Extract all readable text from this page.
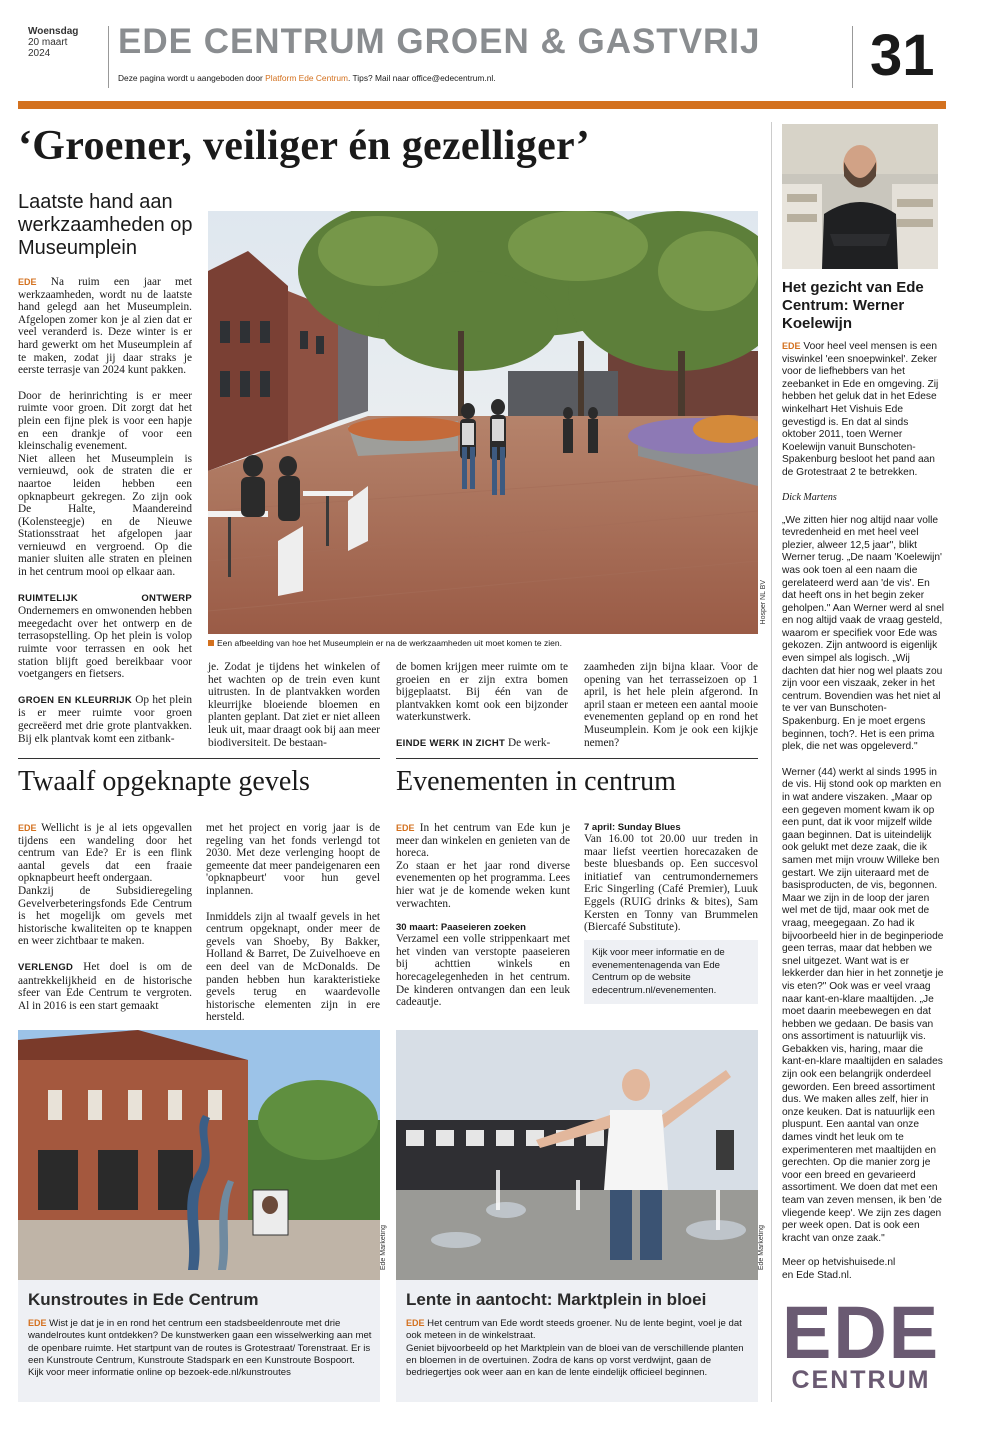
Woensdag
20 maart
2024	EDE CENTRUM GROEN & GASTVRIJ
Deze pagina wordt u aangeboden door Platform Ede Centrum. Tips? Mail naar office@edecentrum.nl.	31
‘Groener, veiliger én gezelliger’
Laatste hand aan werkzaamheden op Museumplein

EDE Na ruim een jaar met werkzaamheden, wordt nu de laatste hand gelegd aan het Museumplein. Afgelopen zomer kon je al zien dat er veel veranderd is. Deze winter is er hard gewerkt om het Museumplein af te maken, zodat jij daar straks je eerste terrasje van 2024 kunt pakken.

Door de herinrichting is er meer ruimte voor groen. Dit zorgt dat het plein een fijne plek is voor een hapje en een drankje of voor een kleinschalig evenement.

Niet alleen het Museumplein is vernieuwd, ook de straten die er naartoe leiden hebben een opknapbeurt gekregen. Zo zijn ook De Halte, Maandereind (Kolensteegje) en de Nieuwe Stationsstraat het afgelopen jaar vernieuwd en vergroend. Op die manier sluiten alle straten en pleinen in het centrum mooi op elkaar aan.

RUIMTELIJK ONTWERP Ondernemers en omwonenden hebben meegedacht over het ontwerp en de terrasopstelling. Op het plein is volop ruimte voor terrassen en ook het station blijft goed bereikbaar voor voetgangers en fietsers.

GROEN EN KLEURRIJK Op het plein is er meer ruimte voor groen gecreëerd met drie grote plantvakken. Bij elk plantvak komt een zitbank-

Hosper NL BV
Een afbeelding van hoe het Museumplein er na de werkzaamheden uit moet komen te zien.

je. Zodat je tijdens het winkelen of het wachten op de trein even kunt uitrusten. In de plantvakken worden kleurrijke bloeiende bloemen en planten geplant. Dat ziet er niet alleen leuk uit, maar draagt ook bij aan meer biodiversiteit. De bestaan-

de bomen krijgen meer ruimte om te groeien en er zijn extra bomen bijgeplaatst. Bij één van de plantvakken komt ook een bijzonder waterkunstwerk.

EINDE WERK IN ZICHT De werk-

zaamheden zijn bijna klaar. Voor de opening van het terrasseizoen op 1 april, is het hele plein afgerond. In april staan er meteen een aantal mooie evenementen gepland op en rond het Museumplein. Kom je ook een kijkje nemen?

Twaalf opgeknapte gevels

EDE Wellicht is je al iets opgevallen tijdens een wandeling door het centrum van Ede? Er is een flink aantal gevels dat een fraaie opknapbeurt heeft ondergaan.

Dankzij de Subsidieregeling Gevelverbeteringsfonds Ede Centrum is het mogelijk om gevels met historische kwaliteiten op te knappen en weer zichtbaar te maken.

VERLENGD Het doel is om de aantrekkelijkheid en de historische sfeer van Ede Centrum te vergroten. Al in 2016 is een start gemaakt

met het project en vorig jaar is de regeling van het fonds verlengd tot 2030. Met deze verlenging hoopt de gemeente dat meer pandeigenaren een 'opknapbeurt' voor hun gevel inplannen.

Inmiddels zijn al twaalf gevels in het centrum opgeknapt, onder meer de gevels van Shoeby, By Bakker, Holland & Barret, De Zuivelhoeve en een deel van de McDonalds. De panden hebben hun karakteristieke gevels terug en waardevolle historische elementen zijn in ere hersteld.

Evenementen in centrum

EDE In het centrum van Ede kun je meer dan winkelen en genieten van de horeca.

Zo staan er het jaar rond diverse evenementen op het programma. Lees hier wat je de komende weken kunt verwachten.

30 maart: Paaseieren zoeken

Verzamel een volle strippenkaart met het vinden van verstopte paaseieren bij achttien winkels en horecagelegenheden in het centrum. De kinderen ontvangen dan een leuk cadeautje.

7 april: Sunday Blues

Van 16.00 tot 20.00 uur treden in maar liefst veertien horecazaken de beste bluesbands op. Een succesvol initiatief van centrumondernemers Eric Singerling (Café Premier), Luuk Eggels (RUIG drinks & bites), Sam Kersten en Tonny van Brummelen (Biercafé Substitute).

Kijk voor meer informatie en de evenementenagenda van Ede Centrum op de website edecentrum.nl/evenementen.

Ede Marketing
Kunstroutes in Ede Centrum

EDE Wist je dat je in en rond het centrum een stadsbeeldenroute met drie wandelroutes kunt ontdekken? De kunstwerken gaan een wisselwerking aan met de openbare ruimte. Het startpunt van de routes is Grotestraat/ Torenstraat. Er is een Kunstroute Centrum, Kunstroute Stadspark en een Kunstroute Bospoort.

Kijk voor meer informatie online op bezoek-ede.nl/kunstroutes

Ede Marketing
Lente in aantocht: Marktplein in bloei

EDE Het centrum van Ede wordt steeds groener. Nu de lente begint, voel je dat ook meteen in de winkelstraat.

Geniet bijvoorbeeld op het Marktplein van de bloei van de verschillende planten en bloemen in de overtuinen. Zodra de kans op vorst verdwijnt, gaan de bedriegertjes ook weer aan en kan de lente eindelijk officieel beginnen.

Het gezicht van Ede Centrum: Werner Koelewijn

EDE Voor heel veel mensen is een viswinkel 'een snoepwinkel'. Zeker voor de liefhebbers van het zeebanket in Ede en omgeving. Zij hebben het geluk dat in het Edese winkelhart Het Vishuis Ede gevestigd is. En dat al sinds oktober 2011, toen Werner Koelewijn vanuit Bunschoten-Spakenburg besloot het pand aan de Grotestraat 2 te betrekken.

Dick Martens

„We zitten hier nog altijd naar volle tevredenheid en met heel veel plezier, alweer 12,5 jaar", blikt Werner terug. „De naam 'Koelewijn' was ook toen al een naam die gerelateerd werd aan 'de vis'. En dat heeft ons in het begin zeker geholpen." Aan Werner werd al snel en nog altijd vaak de vraag gesteld, waarom er specifiek voor Ede was gekozen. Zijn antwoord is eigenlijk even simpel als logisch. „Wij dachten dat hier nog wel plaats zou zijn voor een viszaak, zeker in het centrum. Bovendien was het niet al te ver van Bunschoten-Spakenburg. En je moet ergens beginnen, toch?. Het is een prima plek, die net was opgeleverd."

Werner (44) werkt al sinds 1995 in de vis. Hij stond ook op markten en in wat andere viszaken. „Maar op een gegeven moment kwam ik op een punt, dat ik voor mijzelf wilde gaan beginnen. Dat is uiteindelijk ook gelukt met deze zaak, die ik samen met mijn vrouw Willeke ben gestart. We zijn uiteraard met de basisproducten, de vis, begonnen. Maar we zijn in de loop der jaren wel met de tijd, maar ook met de vraag, meegegaan. Zo had ik bijvoorbeeld hier in de beginperiode geen terras, maar dat hebben we snel uitgezet. Want wat is er lekkerder dan hier in het zonnetje je vis eten?" Ook was er veel vraag naar kant-en-klare maaltijden. „Je moet daarin meebewegen en dat hebben we gedaan. De basis van ons assortiment is natuurlijk vis. Gebakken vis, haring, maar die kant-en-klare maaltijden en salades zijn ook een belangrijk onderdeel geworden. Een breed assortiment dus. We maken alles zelf, hier in onze keuken. Dat is natuurlijk een pluspunt. Een aantal van onze dames vindt het leuk om te experimenteren met maaltijden en gerechten. Op die manier zorg je voor een breed en gevarieerd assortiment. We doen dat met een team van zeven mensen, ik ben 'de vliegende keep'. We zijn zes dagen per week open. Dat is ook een kracht van onze zaak."

Meer op hetvishuisede.nl

en Ede Stad.nl.

EDE
CENTRUM
